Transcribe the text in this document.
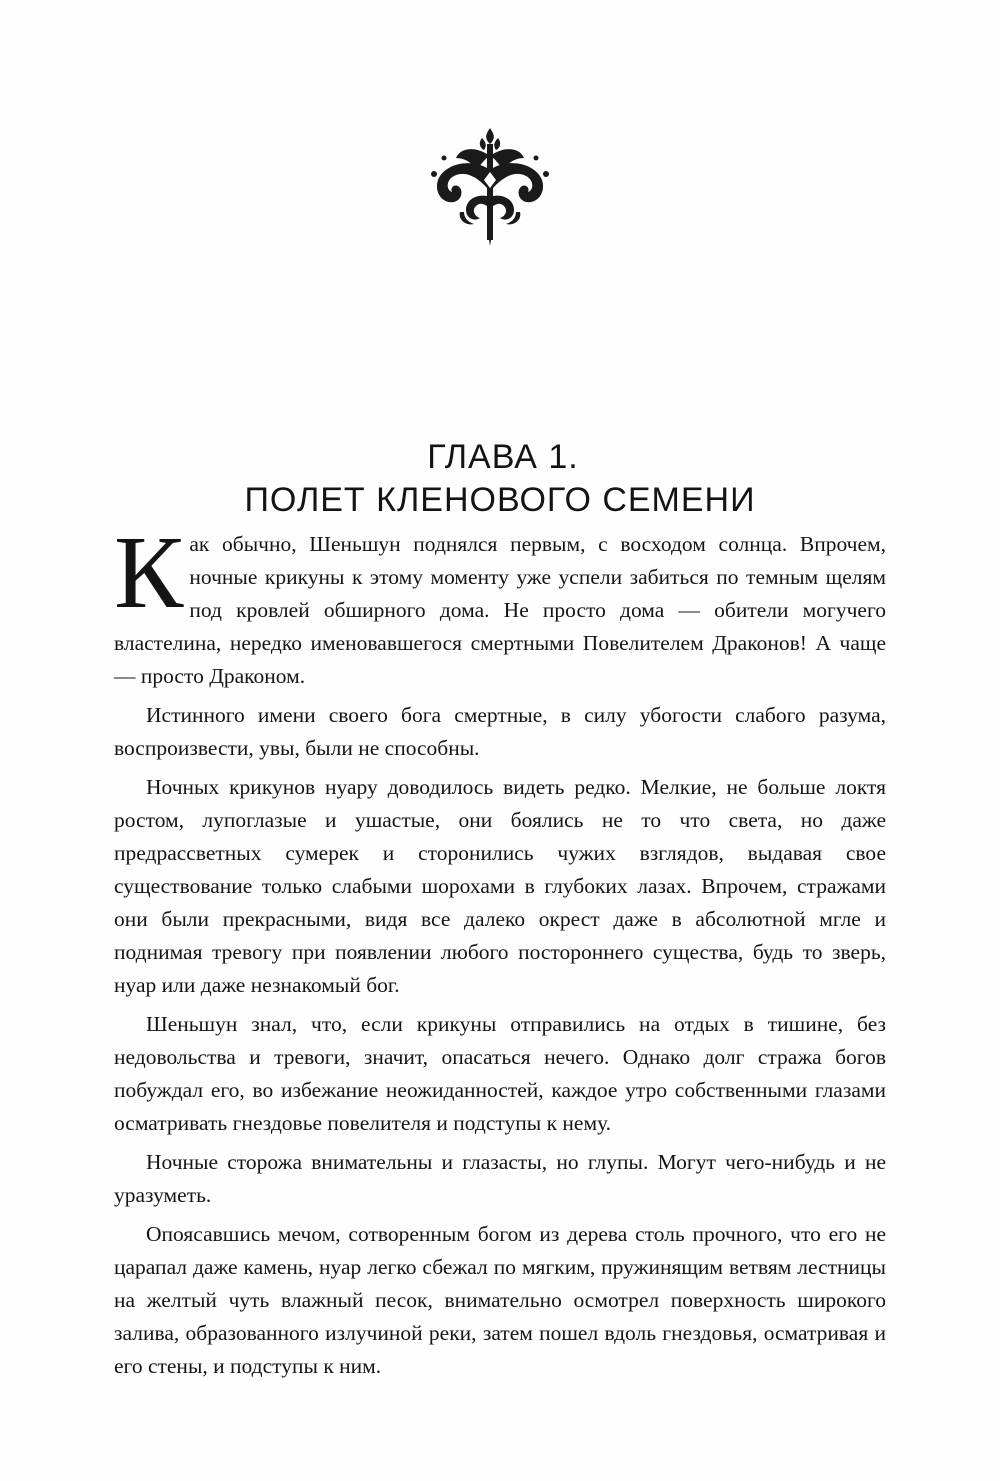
ГЛАВА 1.
ПОЛЕТ КЛЕНОВОГО СЕМЕНИ

Как обычно, Шеньшун поднялся первым, с восходом солнца. Впрочем, ночные крикуны к этому моменту уже успели забиться по темным щелям под кровлей обширного дома. Не просто дома — обители могучего властелина, нередко именовавшегося смертными Повелителем Драконов! А чаще — просто Драконом.

Истинного имени своего бога смертные, в силу убогости слабого разума, воспроизвести, увы, были не способны.

Ночных крикунов нуару доводилось видеть редко. Мелкие, не больше локтя ростом, лупоглазые и ушастые, они боялись не то что света, но даже предрассветных сумерек и сторонились чужих взглядов, выдавая свое существование только слабыми шорохами в глубоких лазах. Впрочем, стражами они были прекрасными, видя все далеко окрест даже в абсолютной мгле и поднимая тревогу при появлении любого постороннего существа, будь то зверь, нуар или даже незнакомый бог.

Шеньшун знал, что, если крикуны отправились на отдых в тишине, без недовольства и тревоги, значит, опасаться нечего. Однако долг стража богов побуждал его, во избежание неожиданностей, каждое утро собственными глазами осматривать гнездовье повелителя и подступы к нему.

Ночные сторожа внимательны и глазасты, но глупы. Могут чего-нибудь и не уразуметь.

Опоясавшись мечом, сотворенным богом из дерева столь прочного, что его не царапал даже камень, нуар легко сбежал по мягким, пружинящим ветвям лестницы на желтый чуть влажный песок, внимательно осмотрел поверхность широкого залива, образованного излучиной реки, затем пошел вдоль гнездовья, осматривая и его стены, и подступы к ним.
